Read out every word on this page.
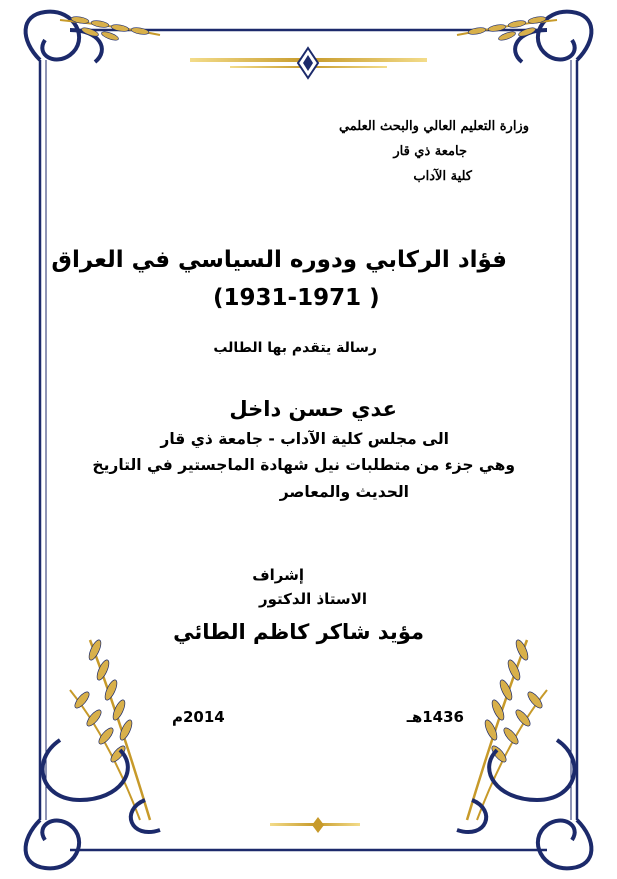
وزارة التعليم العالي والبحث العلمي
جامعة ذي قار
كلية الآداب
فؤاد الركابي ودوره السياسي في العراق
(1931-1971 )
رسالة يتقدم بها الطالب
عدي حسن داخل
الى مجلس كلية الآداب - جامعة ذي قار
وهي جزء من متطلبات نيل شهادة الماجستير في التاريخ
الحديث والمعاصر
إشراف
الاستاذ الدكتور
مؤيد شاكر كاظم الطائي
1436هـ
2014م
